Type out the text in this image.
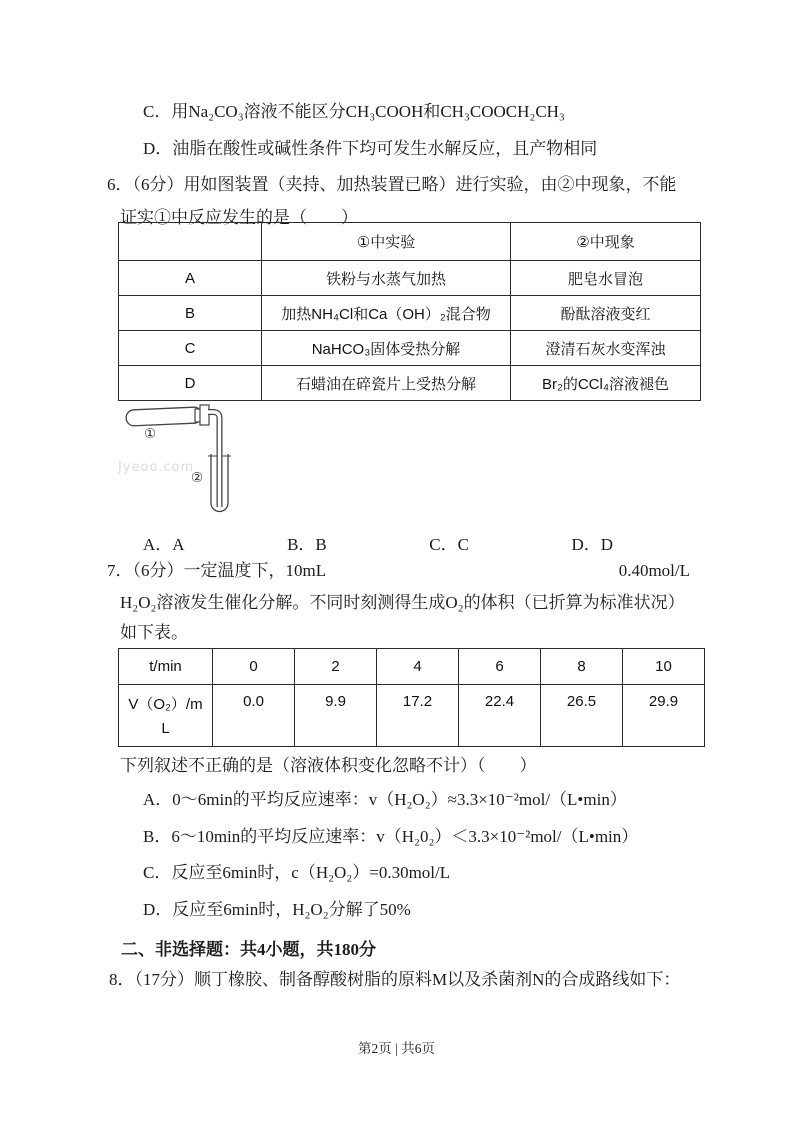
C．用Na₂CO₃溶液不能区分CH₃COOH和CH₃COOCH₂CH₃
D．油脂在酸性或碱性条件下均可发生水解反应，且产物相同
6．（6分）用如图装置（夹持、加热装置已略）进行实验，由②中现象，不能
证实①中反应发生的是（　　）
	①中实验	②中现象
A	铁粉与水蒸气加热	肥皂水冒泡
B	加热NH₄Cl和Ca（OH）₂混合物	酚酞溶液变红
C	NaHCO₃固体受热分解	澄清石灰水变浑浊
D	石蜡油在碎瓷片上受热分解	Br₂的CCl₄溶液褪色
Jyeoo.com
①
②
A．A	B．B	C．C	D．D
7．（6分）一定温度下，10mL	0.40mol/L
H₂O₂溶液发生催化分解。不同时刻测得生成O₂的体积（已折算为标准状况）
如下表。
t/min	0	2	4	6	8	10

V（O₂）/m
L	0.0	9.9	17.2	22.4	26.5	29.9
下列叙述不正确的是（溶液体积变化忽略不计）（　　）
A．0～6min的平均反应速率：v（H₂O₂）≈3.3×10⁻²mol/（L•min）
B．6～10min的平均反应速率：v（H₂0₂）＜3.3×10⁻²mol/（L•min）
C．反应至6min时，c（H₂O₂）=0.30mol/L
D．反应至6min时，H₂O₂分解了50%
二、非选择题：共4小题，共180分
8．（17分）顺丁橡胶、制备醇酸树脂的原料M以及杀菌剂N的合成路线如下：
第2页 | 共6页
